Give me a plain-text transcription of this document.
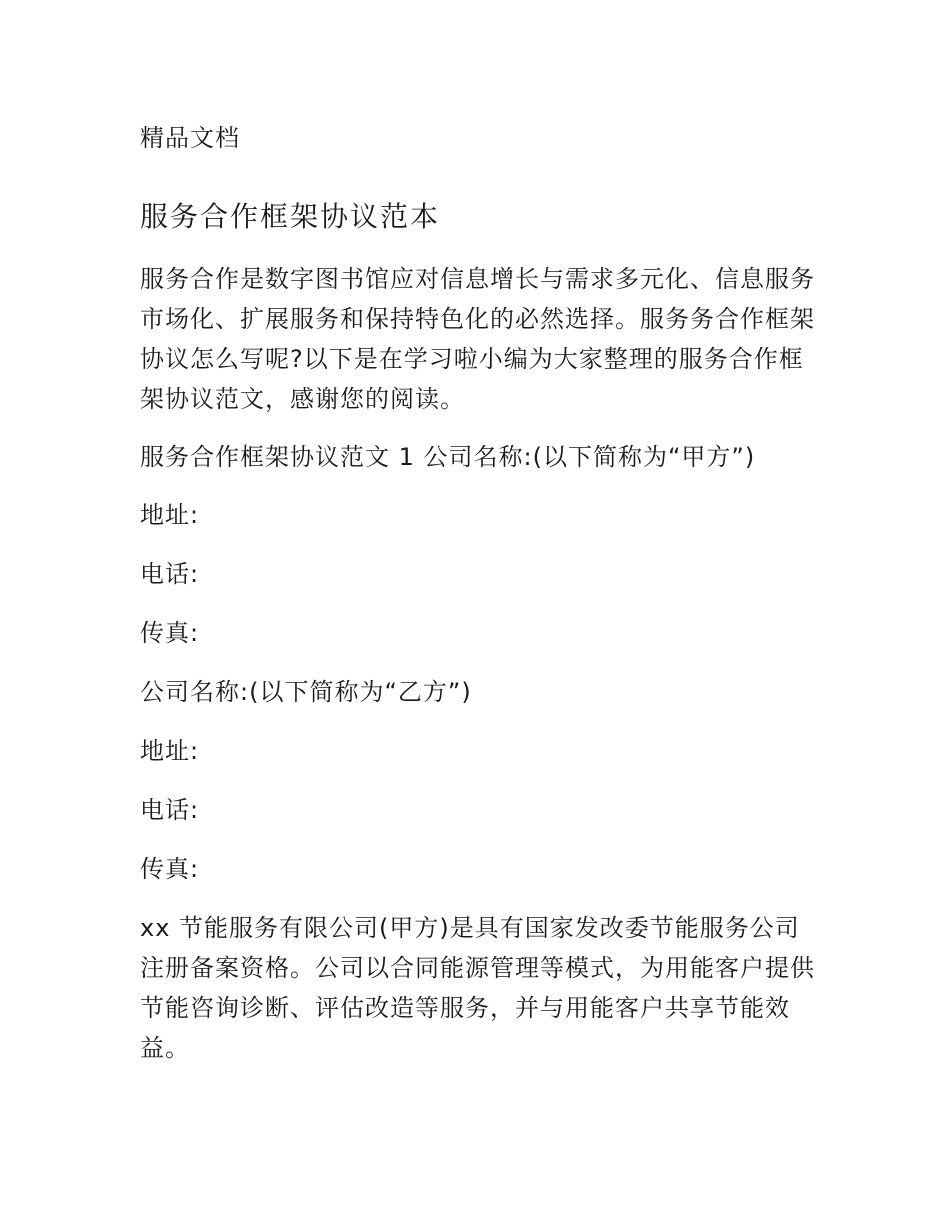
精品文档

服务合作框架协议范本

服务合作是数字图书馆应对信息增长与需求多元化、信息服务市场化、扩展服务和保持特色化的必然选择。服务务合作框架协议怎么写呢?以下是在学习啦小编为大家整理的服务合作框架协议范文，感谢您的阅读。

服务合作框架协议范文 1 公司名称:(以下简称为“甲方”)

地址:

电话:

传真:

公司名称:(以下简称为“乙方”)

地址:

电话:

传真:

xx 节能服务有限公司(甲方)是具有国家发改委节能服务公司注册备案资格。公司以合同能源管理等模式，为用能客户提供节能咨询诊断、评估改造等服务，并与用能客户共享节能效益。
